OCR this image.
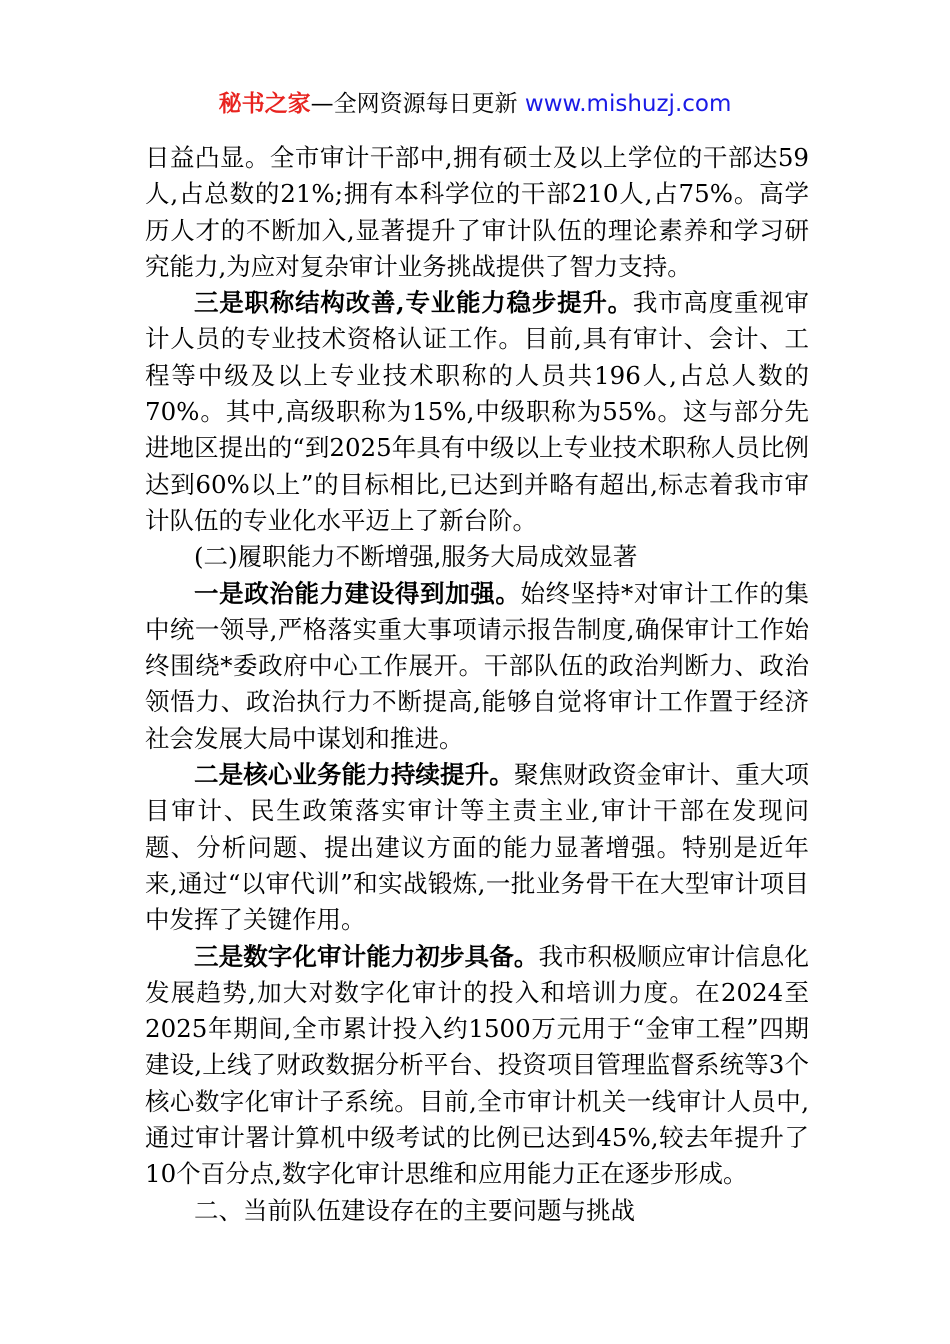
秘书之家—全网资源每日更新 www.mishuzj.com

日益凸显。全市审计干部中,拥有硕士及以上学位的干部达59人,占总数的21%;拥有本科学位的干部210人,占75%。高学历人才的不断加入,显著提升了审计队伍的理论素养和学习研究能力,为应对复杂审计业务挑战提供了智力支持。

三是职称结构改善,专业能力稳步提升。我市高度重视审计人员的专业技术资格认证工作。目前,具有审计、会计、工程等中级及以上专业技术职称的人员共196人,占总人数的70%。其中,高级职称为15%,中级职称为55%。这与部分先进地区提出的“到2025年具有中级以上专业技术职称人员比例达到60%以上”的目标相比,已达到并略有超出,标志着我市审计队伍的专业化水平迈上了新台阶。

(二)履职能力不断增强,服务大局成效显著

一是政治能力建设得到加强。始终坚持*对审计工作的集中统一领导,严格落实重大事项请示报告制度,确保审计工作始终围绕*委政府中心工作展开。干部队伍的政治判断力、政治领悟力、政治执行力不断提高,能够自觉将审计工作置于经济社会发展大局中谋划和推进。

二是核心业务能力持续提升。聚焦财政资金审计、重大项目审计、民生政策落实审计等主责主业,审计干部在发现问题、分析问题、提出建议方面的能力显著增强。特别是近年来,通过“以审代训”和实战锻炼,一批业务骨干在大型审计项目中发挥了关键作用。

三是数字化审计能力初步具备。我市积极顺应审计信息化发展趋势,加大对数字化审计的投入和培训力度。在2024至2025年期间,全市累计投入约1500万元用于“金审工程”四期建设,上线了财政数据分析平台、投资项目管理监督系统等3个核心数字化审计子系统。目前,全市审计机关一线审计人员中,通过审计署计算机中级考试的比例已达到45%,较去年提升了10个百分点,数字化审计思维和应用能力正在逐步形成。

二、当前队伍建设存在的主要问题与挑战
